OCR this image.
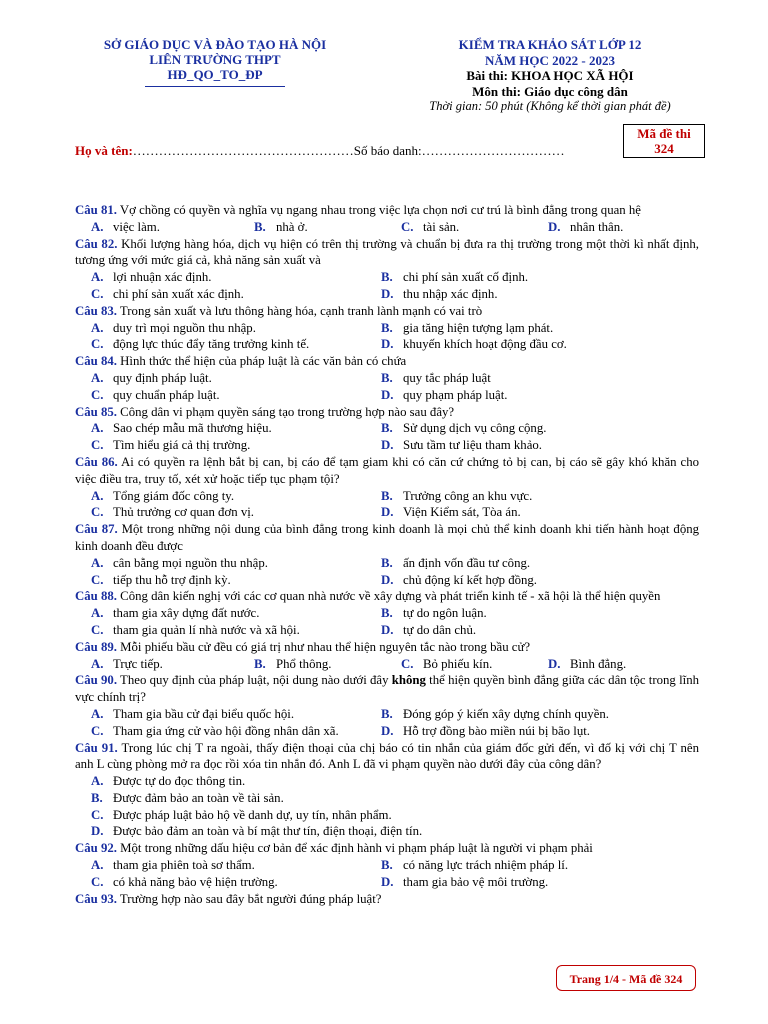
SỞ GIÁO DỤC VÀ ĐÀO TẠO HÀ NỘI
LIÊN TRƯỜNG THPT
HĐ_QO_TO_ĐP
KIỂM TRA KHẢO SÁT LỚP 12
NĂM HỌC 2022 - 2023
Bài thi: KHOA HỌC XÃ HỘI
Môn thi: Giáo dục công dân
Thời gian: 50 phút (Không kể thời gian phát đề)
Mã đề thi
324
Họ và tên:……………………………………………Số báo danh:……………………………

Câu 81. Vợ chồng có quyền và nghĩa vụ ngang nhau trong việc lựa chọn nơi cư trú là bình đẳng trong quan hệ

A. việc làm.	B. nhà ở.	C. tài sản.	D. nhân thân.

Câu 82. Khối lượng hàng hóa, dịch vụ hiện có trên thị trường và chuẩn bị đưa ra thị trường trong một thời kì nhất định, tương ứng với mức giá cả, khả năng sản xuất và

A. lợi nhuận xác định.	B. chi phí sản xuất cố định.
C. chi phí sản xuất xác định.	D. thu nhập xác định.

Câu 83. Trong sản xuất và lưu thông hàng hóa, cạnh tranh lành mạnh có vai trò

A. duy trì mọi nguồn thu nhập.	B. gia tăng hiện tượng lạm phát.
C. động lực thúc đẩy tăng trưởng kinh tế.	D. khuyến khích hoạt động đầu cơ.

Câu 84. Hình thức thể hiện của pháp luật là các văn bản có chứa

A. quy định pháp luật.	B. quy tắc pháp luật
C. quy chuẩn pháp luật.	D. quy phạm pháp luật.

Câu 85. Công dân vi phạm quyền sáng tạo trong trường hợp nào sau đây?

A. Sao chép mẫu mã thương hiệu.	B. Sử dụng dịch vụ công cộng.
C. Tìm hiểu giá cả thị trường.	D. Sưu tầm tư liệu tham khảo.

Câu 86. Ai có quyền ra lệnh bắt bị can, bị cáo để tạm giam khi có căn cứ chứng tỏ bị can, bị cáo sẽ gây khó khăn cho việc điều tra, truy tố, xét xử hoặc tiếp tục phạm tội?

A. Tổng giám đốc công ty.	B. Trưởng công an khu vực.
C. Thủ trưởng cơ quan đơn vị.	D. Viện Kiểm sát, Tòa án.

Câu 87. Một trong những nội dung của bình đẳng trong kinh doanh là mọi chủ thể kinh doanh khi tiến hành hoạt động kinh doanh đều được

A. cân bằng mọi nguồn thu nhập.	B. ấn định vốn đầu tư công.
C. tiếp thu hỗ trợ định kỳ.	D. chủ động kí kết hợp đồng.

Câu 88. Công dân kiến nghị với các cơ quan nhà nước về xây dựng và phát triển kinh tế - xã hội là thể hiện quyền

A. tham gia xây dựng đất nước.	B. tự do ngôn luận.
C. tham gia quản lí nhà nước và xã hội.	D. tự do dân chủ.

Câu 89. Mỗi phiếu bầu cử đều có giá trị như nhau thể hiện nguyên tắc nào trong bầu cử?

A. Trực tiếp.	B. Phổ thông.	C. Bỏ phiếu kín.	D. Bình đẳng.

Câu 90. Theo quy định của pháp luật, nội dung nào dưới đây không thể hiện quyền bình đẳng giữa các dân tộc trong lĩnh vực chính trị?

A. Tham gia bầu cử đại biểu quốc hội.	B. Đóng góp ý kiến xây dựng chính quyền.
C. Tham gia ứng cử vào hội đồng nhân dân xã.	D. Hỗ trợ đồng bào miền núi bị bão lụt.

Câu 91. Trong lúc chị T ra ngoài, thấy điện thoại của chị báo có tin nhắn của giám đốc gửi đến, vì đố kị với chị T nên anh L cùng phòng mở ra đọc rồi xóa tin nhắn đó. Anh L đã vi phạm quyền nào dưới đây của công dân?

A. Được tự do đọc thông tin.
B. Được đảm bảo an toàn về tài sản.
C. Được pháp luật bảo hộ về danh dự, uy tín, nhân phẩm.
D. Được bảo đảm an toàn và bí mật thư tín, điện thoại, điện tín.

Câu 92. Một trong những dấu hiệu cơ bản để xác định hành vi phạm pháp luật là người vi phạm phải

A. tham gia phiên toà sơ thẩm.	B. có năng lực trách nhiệm pháp lí.
C. có khả năng bảo vệ hiện trường.	D. tham gia bảo vệ môi trường.

Câu 93. Trường hợp nào sau đây bắt người đúng pháp luật?

Trang 1/4 - Mã đề 324
